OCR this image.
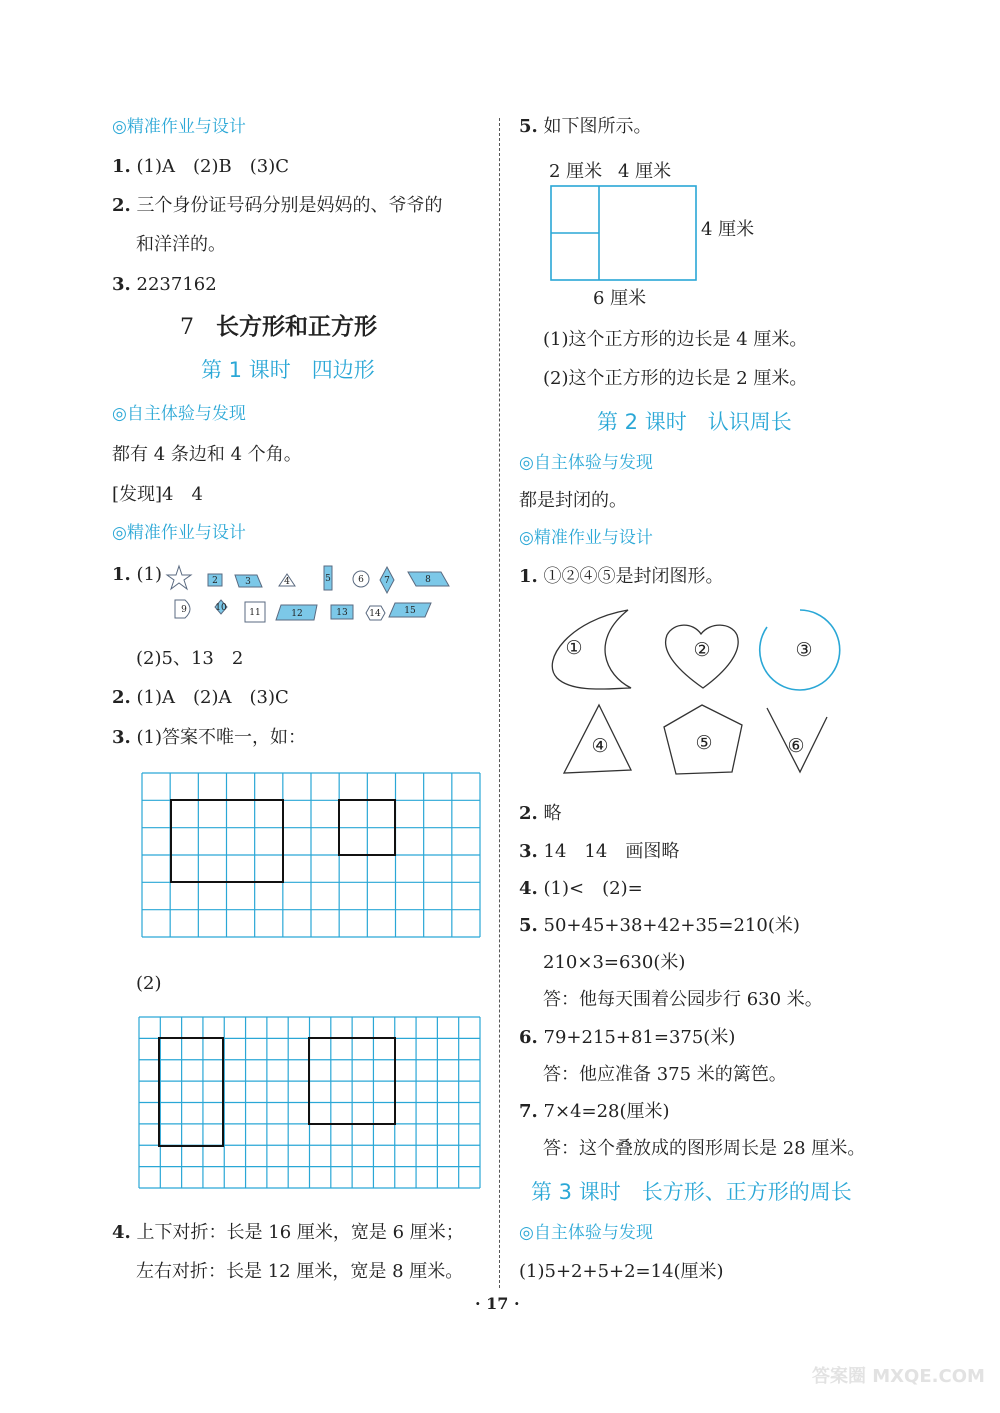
◎精准作业与设计
1. (1)A　(2)B　(3)C
2. 三个身份证号码分别是妈妈的、爷爷的
和洋洋的。
3. 2237162
7 长方形和正方形
第 1 课时　四边形
◎自主体验与发现
都有 4 条边和 4 个角。
[发现]4　4
◎精准作业与设计
1. (1)	2	3	4	5	6 7	8
9	10	11	12	13 14	15
(2)5、13　2
2. (1)A　(2)A　(3)C
3. (1)答案不唯一，如：
(2)
4. 上下对折：长是 16 厘米，宽是 6 厘米；
左右对折：长是 12 厘米，宽是 8 厘米。
5. 如下图所示。
2 厘米 4 厘米
4 厘米
6 厘米
(1)这个正方形的边长是 4 厘米。
(2)这个正方形的边长是 2 厘米。
第 2 课时　认识周长
◎自主体验与发现
都是封闭的。
◎精准作业与设计
1. ①②④⑤是封闭图形。
①	②	③
④	⑤	⑥
2. 略
3. 14　14　画图略
4. (1)<　(2)=
5. 50+45+38+42+35=210(米)
210×3=630(米)
答：他每天围着公园步行 630 米。
6. 79+215+81=375(米)
答：他应准备 375 米的篱笆。
7. 7×4=28(厘米)
答：这个叠放成的图形周长是 28 厘米。
第 3 课时　长方形、正方形的周长
◎自主体验与发现
(1)5+2+5+2=14(厘米)
· 17 ·
答案圈 MXQE.COM
